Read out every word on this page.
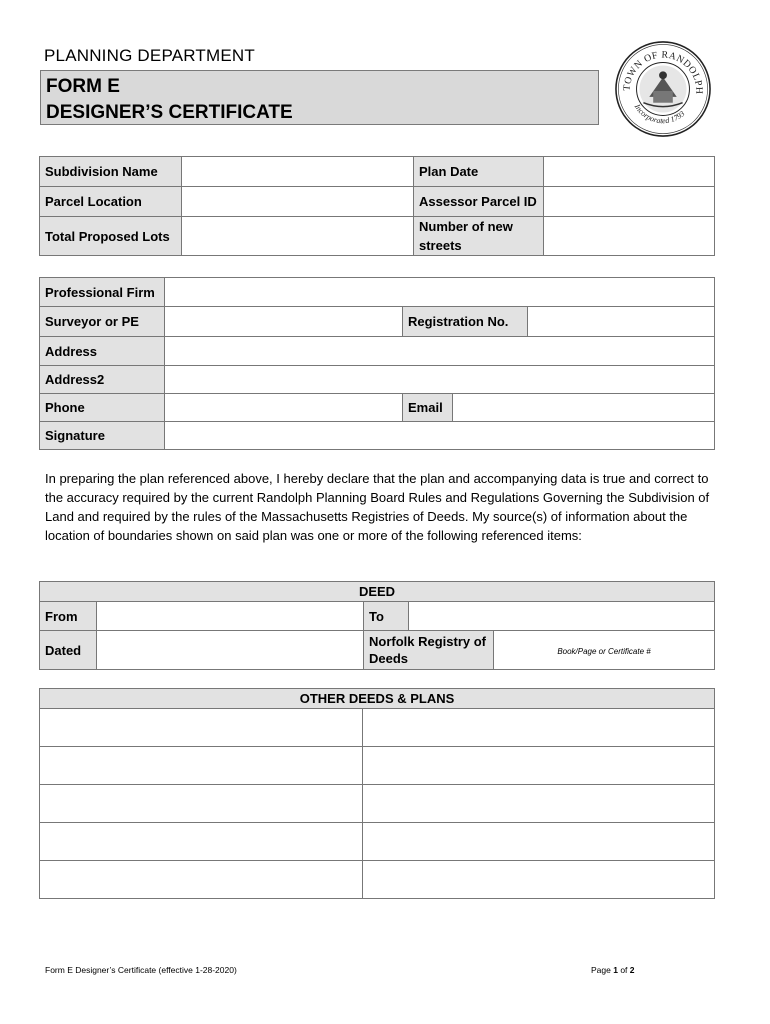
PLANNING DEPARTMENT
FORM E
DESIGNER’S CERTIFICATE
TOWN OF RANDOLPH
Incorporated 1793
Subdivision Name		Plan Date	
Parcel Location		Assessor Parcel ID	
Total Proposed Lots		Number of new streets	
Professional Firm				
Surveyor or PE		Registration No.		
Address				
Address2				
Phone		Email		
Signature				
In preparing the plan referenced above, I hereby declare that the plan and accompanying data is true and correct to the accuracy required by the current Randolph Planning Board Rules and Regulations Governing the Subdivision of Land and required by the rules of the Massachusetts Registries of Deeds. My source(s) of information about the location of boundaries shown on said plan was one or more of the following referenced items:
DEED				
From		To		
Dated		Norfolk Registry of Deeds		Book/Page or Certificate #
OTHER DEEDS & PLANS	

Form E Designer’s Certificate (effective 1-28-2020)	Page 1 of 2
